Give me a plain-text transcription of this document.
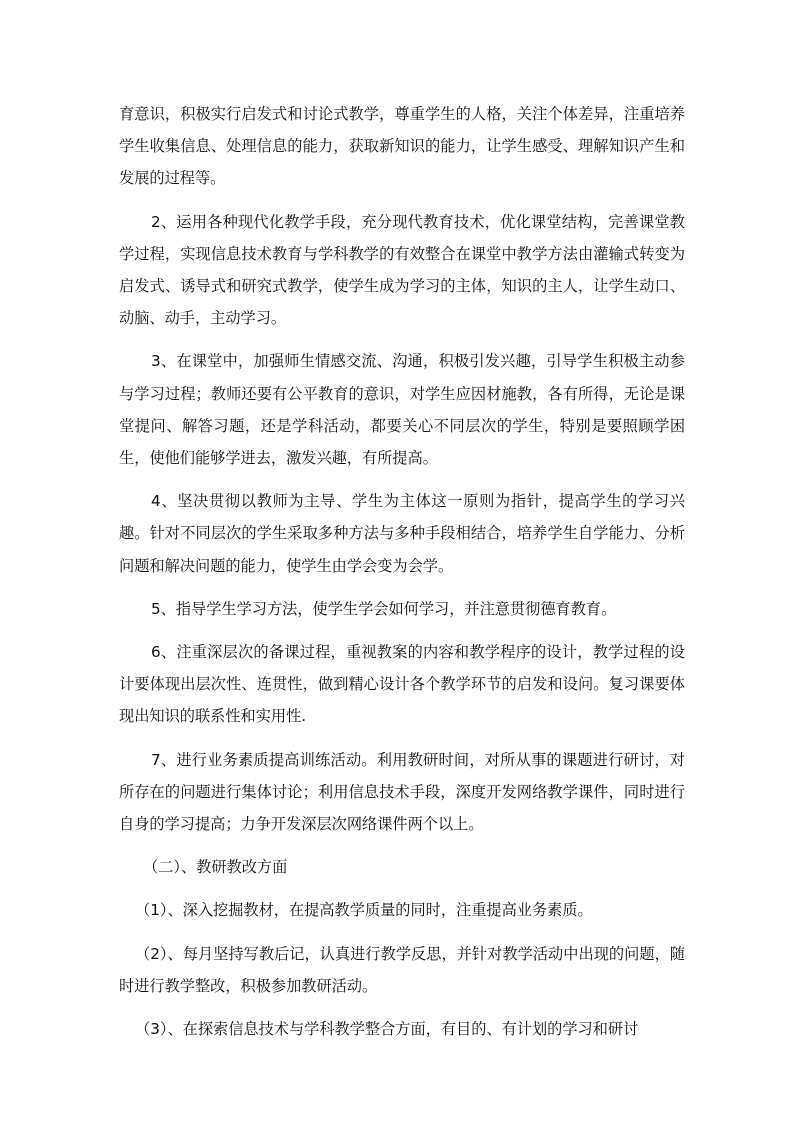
育意识，积极实行启发式和讨论式教学，尊重学生的人格，关注个体差异，注重培养学生收集信息、处理信息的能力，获取新知识的能力，让学生感受、理解知识产生和发展的过程等。

2、运用各种现代化教学手段，充分现代教育技术，优化课堂结构，完善课堂教学过程，实现信息技术教育与学科教学的有效整合在课堂中教学方法由灌输式转变为启发式、诱导式和研究式教学，使学生成为学习的主体，知识的主人，让学生动口、动脑、动手，主动学习。

3、在课堂中，加强师生情感交流、沟通，积极引发兴趣，引导学生积极主动参与学习过程；教师还要有公平教育的意识，对学生应因材施教，各有所得，无论是课堂提问、解答习题，还是学科活动，都要关心不同层次的学生，特别是要照顾学困生，使他们能够学进去，激发兴趣，有所提高。

4、坚决贯彻以教师为主导、学生为主体这一原则为指针，提高学生的学习兴趣。针对不同层次的学生采取多种方法与多种手段相结合，培养学生自学能力、分析问题和解决问题的能力，使学生由学会变为会学。

5、指导学生学习方法，使学生学会如何学习，并注意贯彻德育教育。

6、注重深层次的备课过程，重视教案的内容和教学程序的设计，教学过程的设计要体现出层次性、连贯性，做到精心设计各个教学环节的启发和设问。复习课要体现出知识的联系性和实用性.

7、进行业务素质提高训练活动。利用教研时间，对所从事的课题进行研讨，对所存在的问题进行集体讨论；利用信息技术手段，深度开发网络教学课件，同时进行自身的学习提高；力争开发深层次网络课件两个以上。

（二）、教研教改方面

（1）、深入挖掘教材，在提高教学质量的同时，注重提高业务素质。

（2）、每月坚持写教后记，认真进行教学反思，并针对教学活动中出现的问题，随时进行教学整改，积极参加教研活动。

（3）、在探索信息技术与学科教学整合方面，有目的、有计划的学习和研讨
